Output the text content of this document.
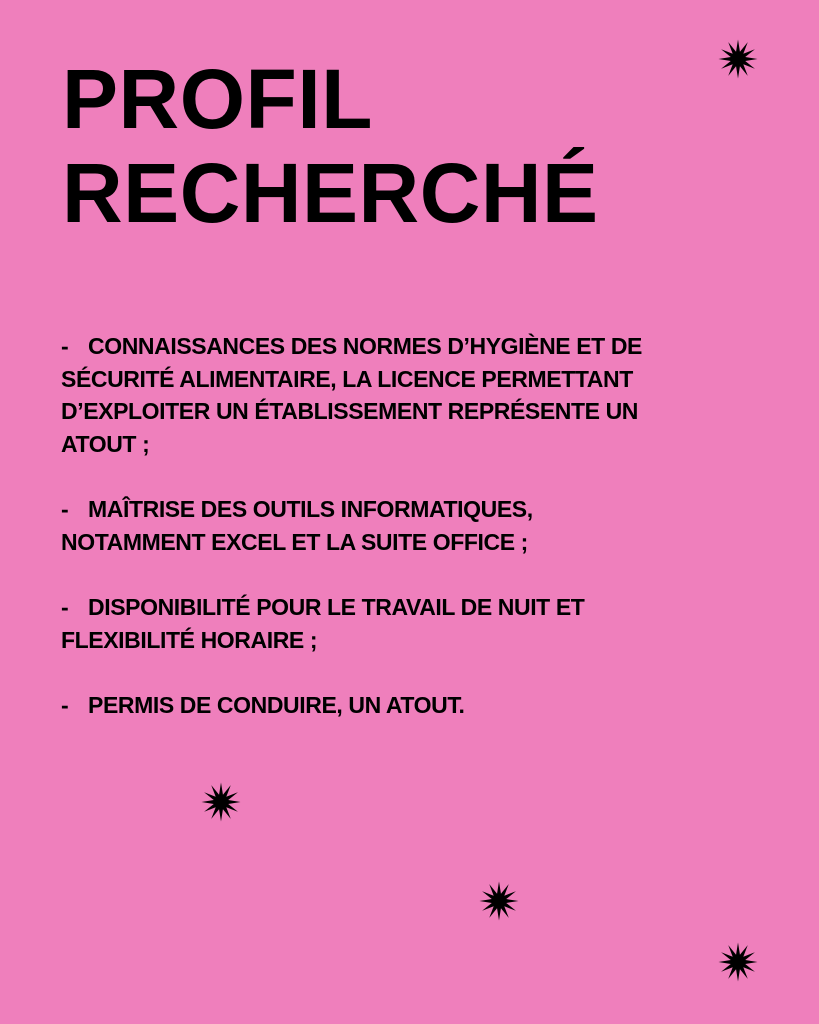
PROFIL
RECHERCHÉ
- CONNAISSANCES DES NORMES D’HYGIÈNE ET DE
SÉCURITÉ ALIMENTAIRE, LA LICENCE PERMETTANT
D’EXPLOITER UN ÉTABLISSEMENT REPRÉSENTE UN
ATOUT ;
- MAÎTRISE DES OUTILS INFORMATIQUES,
NOTAMMENT EXCEL ET LA SUITE OFFICE ;
- DISPONIBILITÉ POUR LE TRAVAIL DE NUIT ET
FLEXIBILITÉ HORAIRE ;
- PERMIS DE CONDUIRE, UN ATOUT.
